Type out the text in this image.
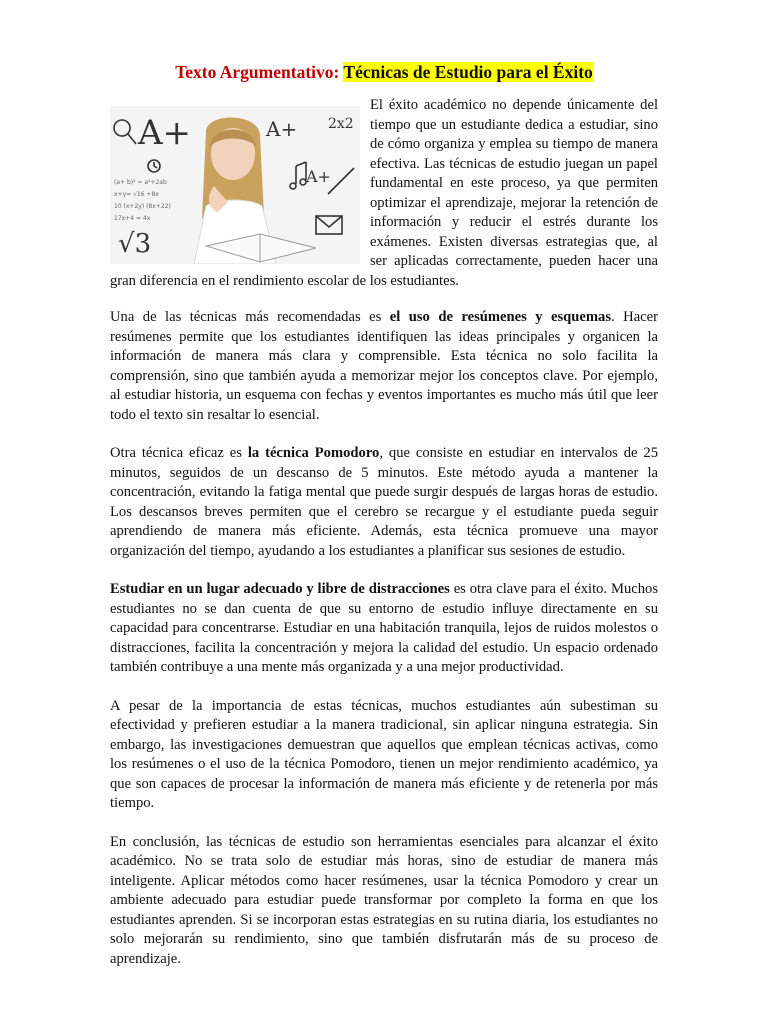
Texto Argumentativo: Técnicas de Estudio para el Éxito
A+	A+
A+
2x2
√3
(a+ b)² = a²+2ab
x+y= √16 +8x
10 (x+2y) (8x+22)
17x+4 = 4x

El éxito académico no depende únicamente del tiempo que un estudiante dedica a estudiar, sino de cómo organiza y emplea su tiempo de manera efectiva. Las técnicas de estudio juegan un papel fundamental en este proceso, ya que permiten optimizar el aprendizaje, mejorar la retención de información y reducir el estrés durante los exámenes. Existen diversas estrategias que, al ser aplicadas correctamente, pueden hacer una gran diferencia en el rendimiento escolar de los estudiantes.

Una de las técnicas más recomendadas es el uso de resúmenes y esquemas. Hacer resúmenes permite que los estudiantes identifiquen las ideas principales y organicen la información de manera más clara y comprensible. Esta técnica no solo facilita la comprensión, sino que también ayuda a memorizar mejor los conceptos clave. Por ejemplo, al estudiar historia, un esquema con fechas y eventos importantes es mucho más útil que leer todo el texto sin resaltar lo esencial.

Otra técnica eficaz es la técnica Pomodoro, que consiste en estudiar en intervalos de 25 minutos, seguidos de un descanso de 5 minutos. Este método ayuda a mantener la concentración, evitando la fatiga mental que puede surgir después de largas horas de estudio. Los descansos breves permiten que el cerebro se recargue y el estudiante pueda seguir aprendiendo de manera más eficiente. Además, esta técnica promueve una mayor organización del tiempo, ayudando a los estudiantes a planificar sus sesiones de estudio.

Estudiar en un lugar adecuado y libre de distracciones es otra clave para el éxito. Muchos estudiantes no se dan cuenta de que su entorno de estudio influye directamente en su capacidad para concentrarse. Estudiar en una habitación tranquila, lejos de ruidos molestos o distracciones, facilita la concentración y mejora la calidad del estudio. Un espacio ordenado también contribuye a una mente más organizada y a una mejor productividad.

A pesar de la importancia de estas técnicas, muchos estudiantes aún subestiman su efectividad y prefieren estudiar a la manera tradicional, sin aplicar ninguna estrategia. Sin embargo, las investigaciones demuestran que aquellos que emplean técnicas activas, como los resúmenes o el uso de la técnica Pomodoro, tienen un mejor rendimiento académico, ya que son capaces de procesar la información de manera más eficiente y de retenerla por más tiempo.

En conclusión, las técnicas de estudio son herramientas esenciales para alcanzar el éxito académico. No se trata solo de estudiar más horas, sino de estudiar de manera más inteligente. Aplicar métodos como hacer resúmenes, usar la técnica Pomodoro y crear un ambiente adecuado para estudiar puede transformar por completo la forma en que los estudiantes aprenden. Si se incorporan estas estrategias en su rutina diaria, los estudiantes no solo mejorarán su rendimiento, sino que también disfrutarán más de su proceso de aprendizaje.
